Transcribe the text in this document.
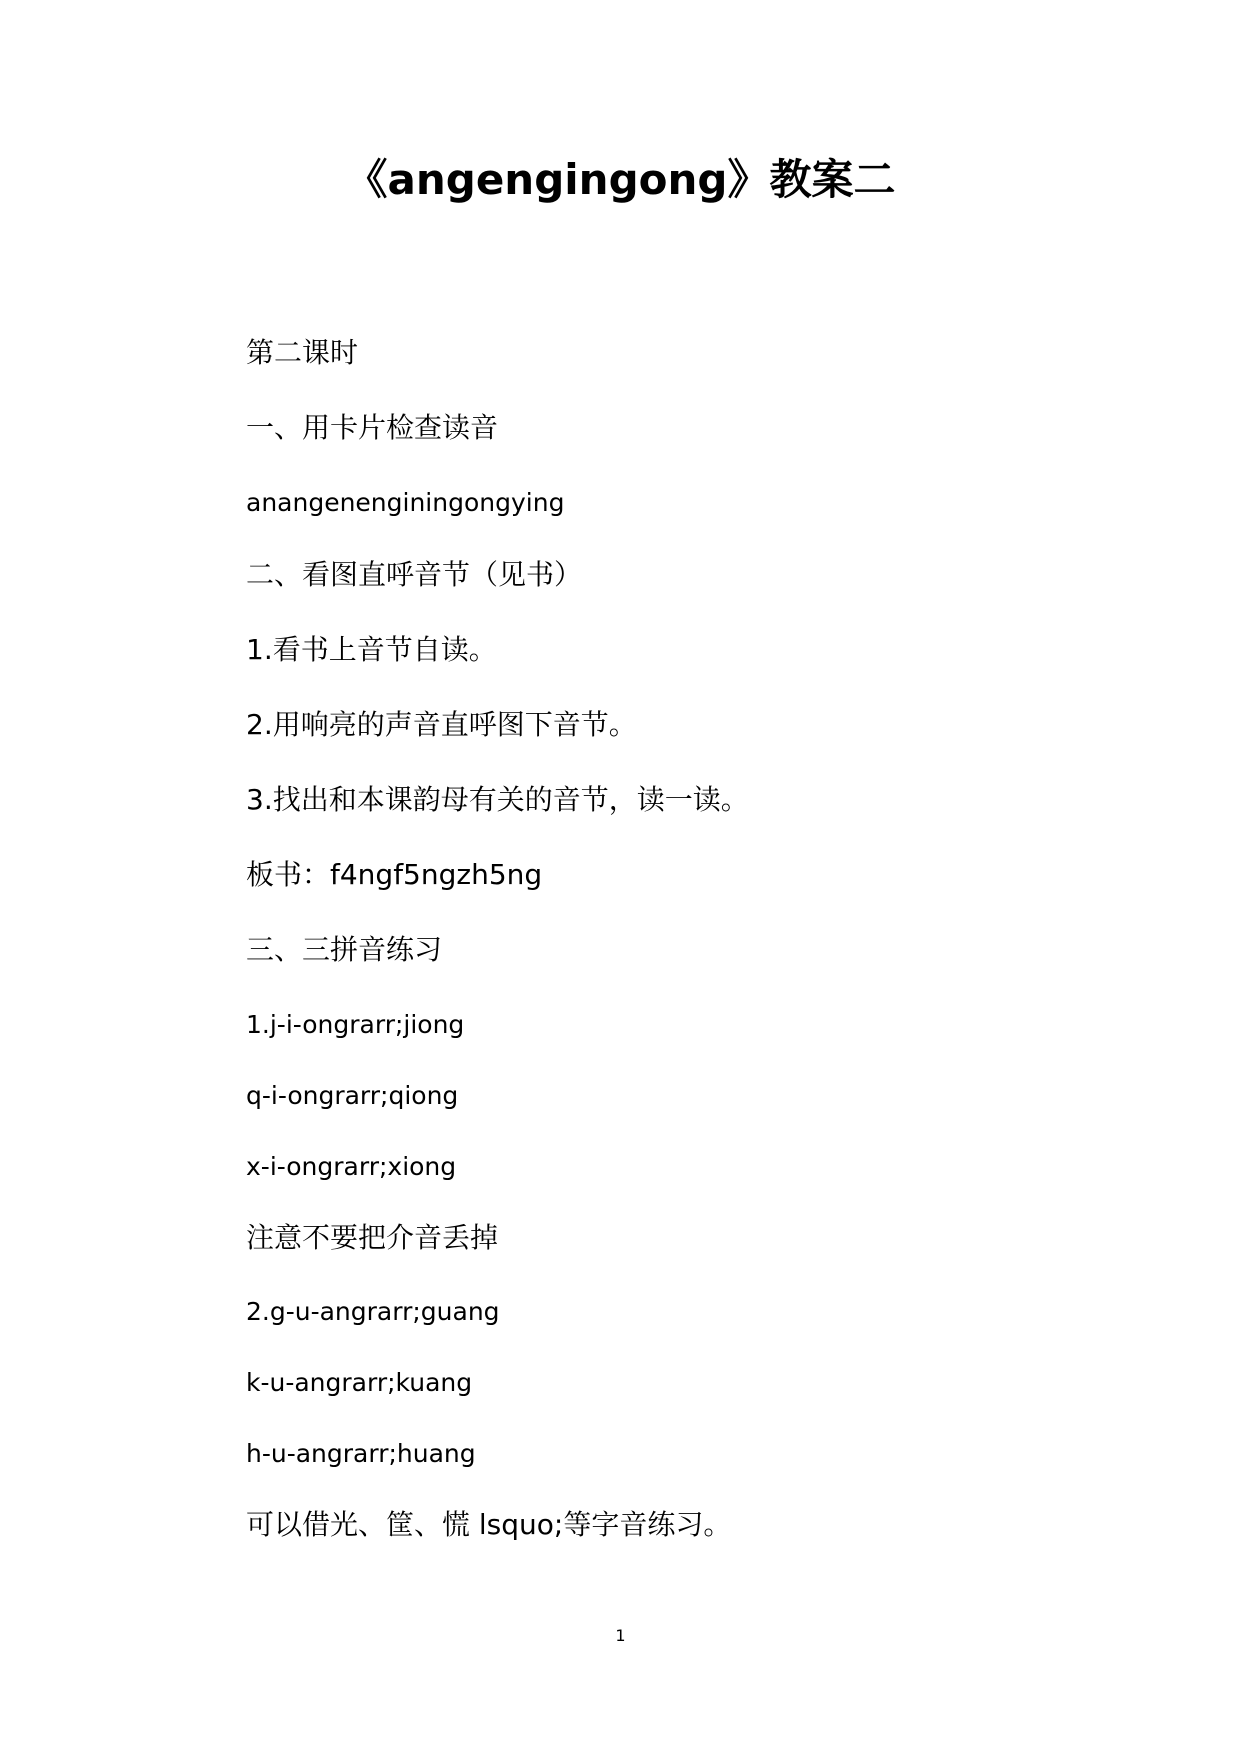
《angengingong》教案二
第二课时
一、用卡片检查读音
anangenenginingongying
二、看图直呼音节（见书）
1.看书上音节自读。
2.用响亮的声音直呼图下音节。
3.找出和本课韵母有关的音节，读一读。
板书：f4ngf5ngzh5ng
三、三拼音练习
1.j-i-ongrarr;jiong
q-i-ongrarr;qiong
x-i-ongrarr;xiong
注意不要把介音丢掉
2.g-u-angrarr;guang
k-u-angrarr;kuang
h-u-angrarr;huang
可以借光、筐、慌 lsquo;等字音练习。
1
